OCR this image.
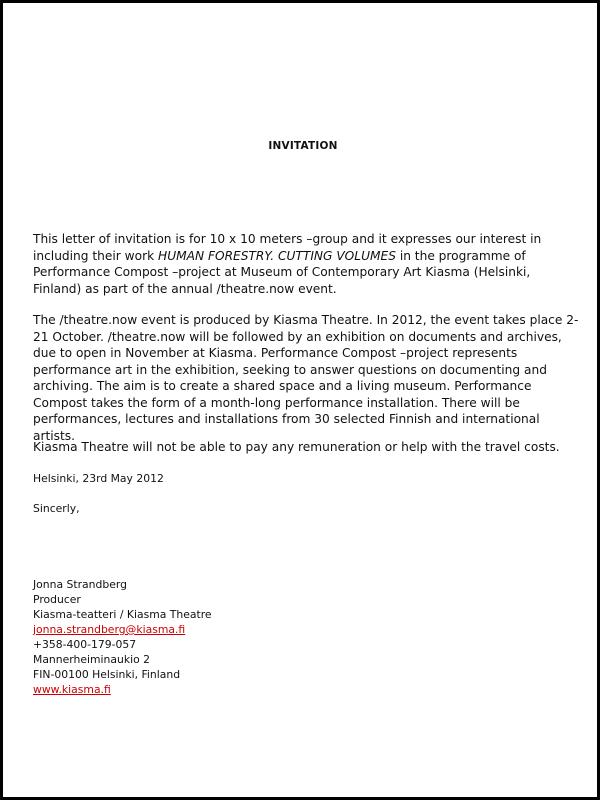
INVITATION

This letter of invitation is for 10 x 10 meters –group and it expresses our interest in including their work HUMAN FORESTRY. CUTTING VOLUMES in the programme of Performance Compost –project at Museum of Contemporary Art Kiasma (Helsinki, Finland) as part of the annual /theatre.now event.

The /theatre.now event is produced by Kiasma Theatre. In 2012, the event takes place 2-21 October. /theatre.now will be followed by an exhibition on documents and archives, due to open in November at Kiasma. Performance Compost –project represents performance art in the exhibition, seeking to answer questions on documenting and archiving. The aim is to create a shared space and a living museum. Performance Compost takes the form of a month-long performance installation. There will be performances, lectures and installations from 30 selected Finnish and international artists.

Kiasma Theatre will not be able to pay any remuneration or help with the travel costs.

Helsinki, 23rd May 2012

Sincerly,

Jonna Strandberg
Producer
Kiasma-teatteri / Kiasma Theatre
jonna.strandberg@kiasma.fi
+358-400-179-057
Mannerheiminaukio 2
FIN-00100 Helsinki, Finland
www.kiasma.fi
